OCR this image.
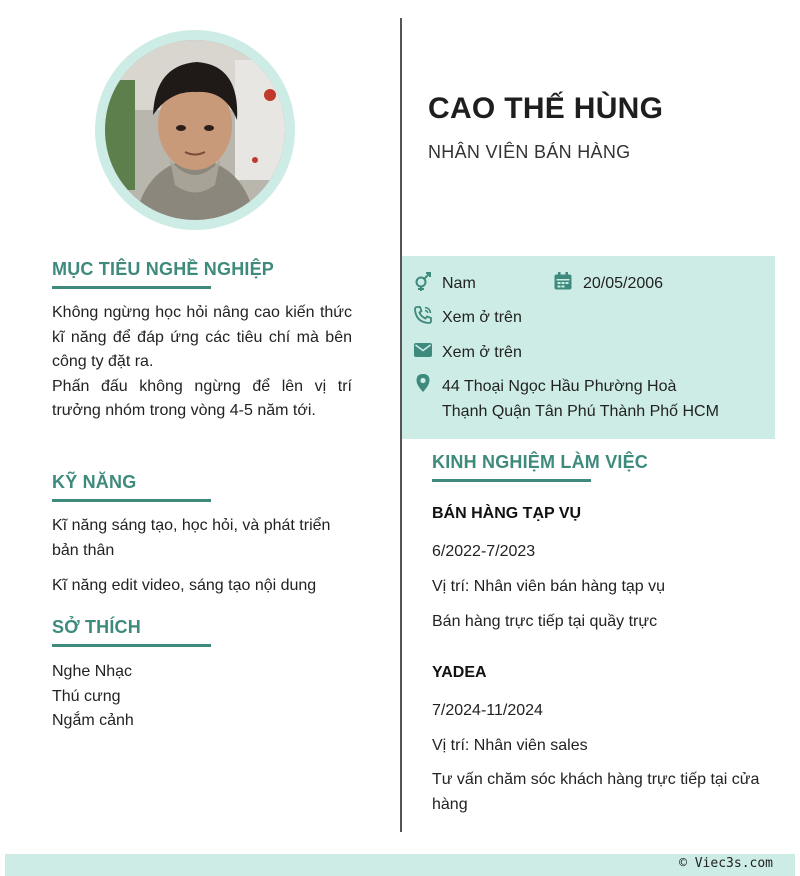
MỤC TIÊU NGHỀ NGHIỆP

Không ngừng học hỏi nâng cao kiến thức kĩ năng để đáp ứng các tiêu chí mà bên công ty đặt ra.

Phấn đấu không ngừng để lên vị trí trưởng nhóm trong vòng 4-5 năm tới.

KỸ NĂNG

Kĩ năng sáng tạo, học hỏi, và phát triển bản thân

Kĩ năng edit video, sáng tạo nội dung

SỞ THÍCH

Nghe Nhạc

Thú cưng

Ngắm cảnh

CAO THẾ HÙNG
NHÂN VIÊN BÁN HÀNG
Nam	20/05/2006
Xem ở trên
Xem ở trên
44 Thoại Ngọc Hầu Phường Hoà
Thạnh Quận Tân Phú Thành Phố HCM
KINH NGHIỆM LÀM VIỆC
BÁN HÀNG TẠP VỤ
6/2022-7/2023
Vị trí: Nhân viên bán hàng tạp vụ
Bán hàng trực tiếp tại quầy trực
YADEA
7/2024-11/2024
Vị trí: Nhân viên sales
Tư vấn chăm sóc khách hàng trực tiếp tại cửa hàng
© Viec3s.com
